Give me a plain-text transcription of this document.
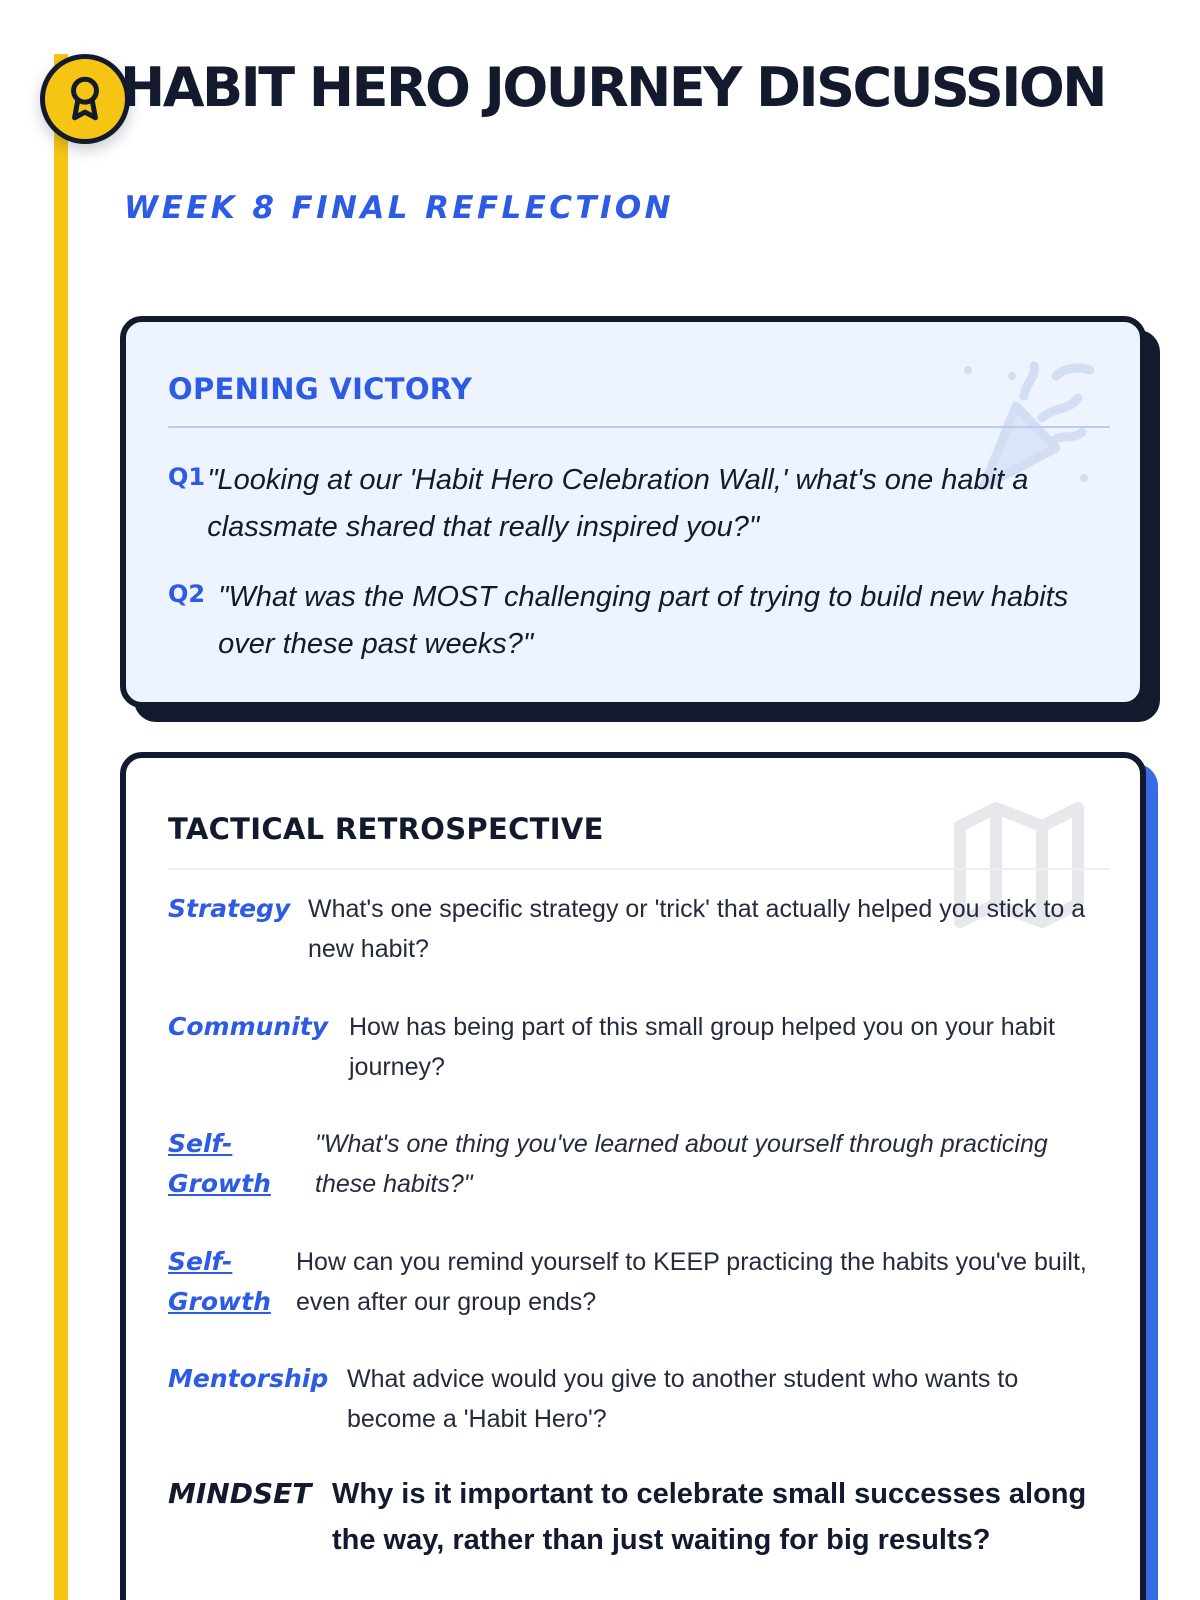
HABIT HERO JOURNEY DISCUSSION
WEEK 8 FINAL REFLECTION
OPENING VICTORY
Q1 "Looking at our 'Habit Hero Celebration Wall,' what's one habit a classmate shared that really inspired you?"
Q2 "What was the MOST challenging part of trying to build new habits over these past weeks?"
TACTICAL RETROSPECTIVE
Strategy What's one specific strategy or 'trick' that actually helped you stick to a new habit?
Community How has being part of this small group helped you on your habit journey?
Self-Growth
"What's one thing you've learned about yourself through practicing these habits?"
Self-Growth
How can you remind yourself to KEEP practicing the habits you've built, even after our group ends?
Mentorship What advice would you give to another student who wants to become a 'Habit Hero'?
MINDSET Why is it important to celebrate small successes along the way, rather than just waiting for big results?
